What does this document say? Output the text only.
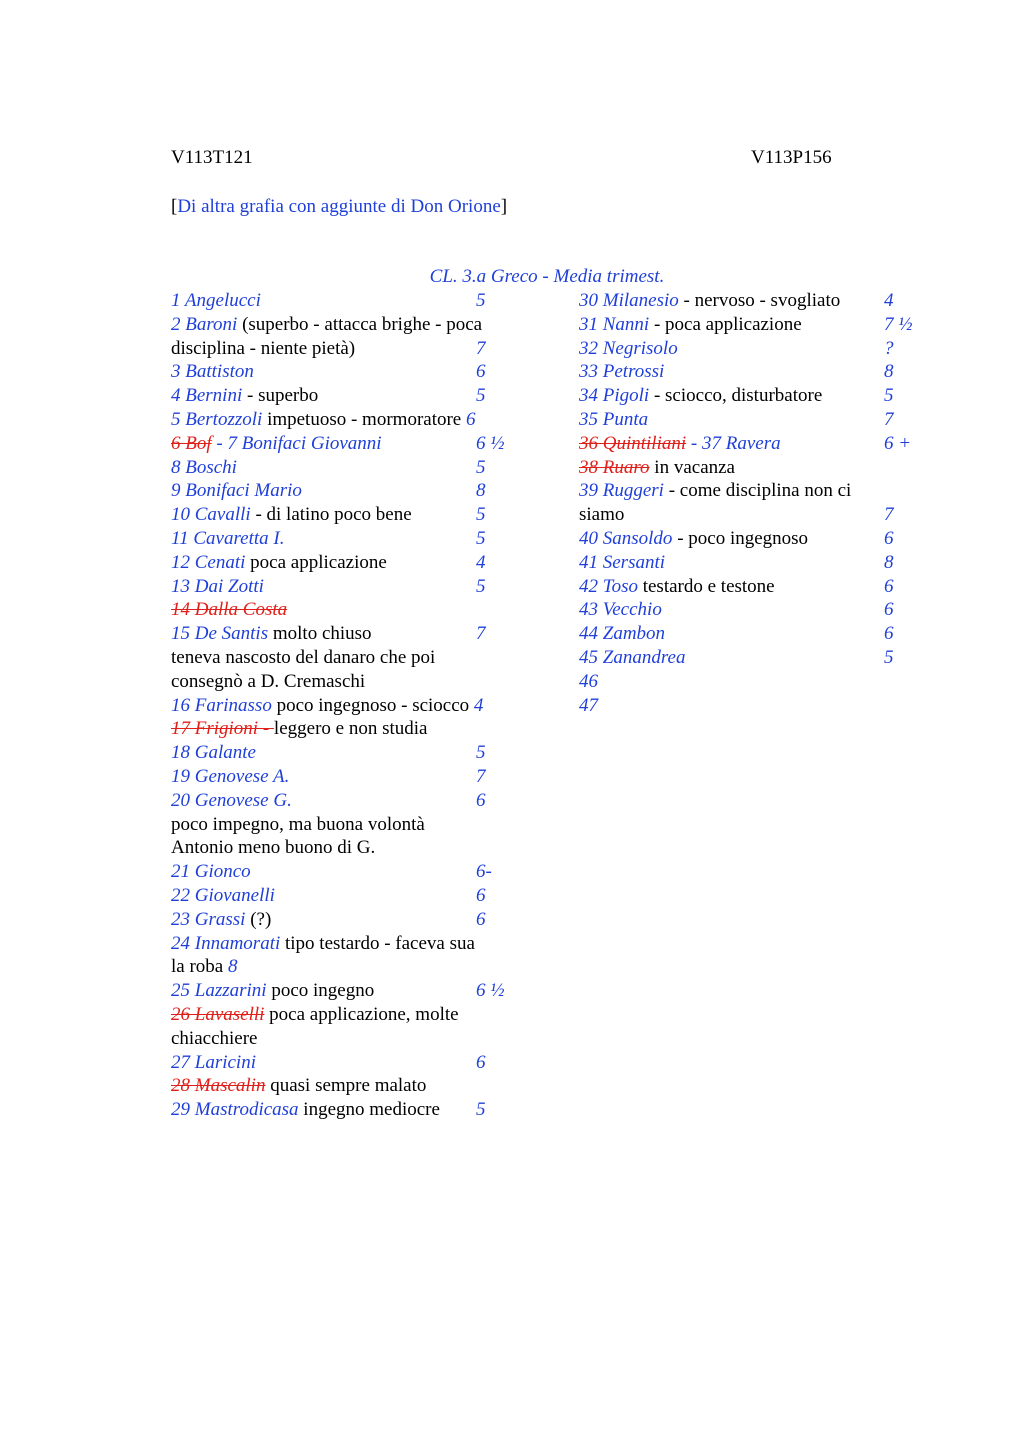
V113T121	V113P156
[Di altra grafia con aggiunte di Don Orione]
CL. 3.a Greco - Media trimest.
1 Angelucci	5
2 Baroni (superbo - attacca brighe - poca
disciplina - niente pietà)	7
3 Battiston	6
4 Bernini - superbo	5
5 Bertozzoli impetuoso - mormoratore 6
6 Bof - 7 Bonifaci Giovanni	6 ½
8 Boschi	5
9 Bonifaci Mario	8
10 Cavalli - di latino poco bene	5
11 Cavaretta I.	5
12 Cenati poca applicazione	4
13 Dai Zotti	5
14 Dalla Costa
15 De Santis molto chiuso	7
teneva nascosto del danaro che poi
consegnò a D. Cremaschi
16 Farinasso poco ingegnoso - sciocco 4
17 Frigioni - leggero e non studia
18 Galante	5
19 Genovese A.	7
20 Genovese G.	6
poco impegno, ma buona volontà
Antonio meno buono di G.
21 Gionco	6-
22 Giovanelli	6
23 Grassi (?)	6
24 Innamorati tipo testardo - faceva sua
la roba 8
25 Lazzarini poco ingegno	6 ½
26 Lavaselli poca applicazione, molte
chiacchiere
27 Laricini	6
28 Mascalin quasi sempre malato
29 Mastrodicasa ingegno mediocre 5
30 Milanesio - nervoso - svogliato 4
31 Nanni - poca applicazione	7 ½
32 Negrisolo	?
33 Petrossi	8
34 Pigoli - sciocco, disturbatore	5
35 Punta	7
36 Quintiliani - 37 Ravera	6 +
38 Ruaro in vacanza
39 Ruggeri - come disciplina non ci
siamo	7
40 Sansoldo - poco ingegnoso	6
41 Sersanti	8
42 Toso testardo e testone	6
43 Vecchio	6
44 Zambon	6
45 Zanandrea	5
46
47
